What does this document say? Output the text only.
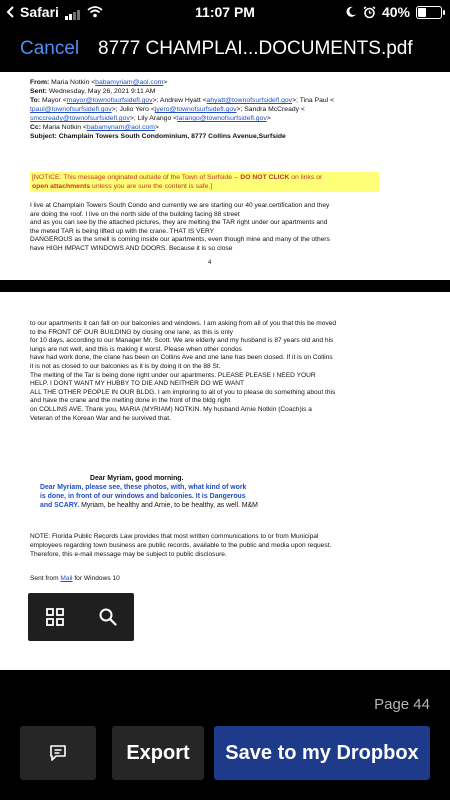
Safari	11:07 PM	40%
Cancel 8777 CHAMPLAI...DOCUMENTS.pdf
From: Maria Notkin <babamyriam@aol.com>
Sent: Wednesday, May 26, 2021 9:11 AM
To: Mayor <mayor@townofsurfsidefl.gov>; Andrew Hyatt <ahyatt@townofsurfsidefl.gov>; Tina Paul <
tpaul@townofsurfsidefl.gov>; Julio Yero <jyero@townofsurfsidefl.gov>; Sandra McCready <
smccready@townofsurfsidefl.gov>; Lily Arango <larango@townofsurfsidefl.gov>
Cc: Maria Notkin <babamyriam@aol.com>
Subject: Champlain Towers South Condominium, 8777 Collins Avenue,Surfside
[NOTICE: This message originated outside of the Town of Surfside -- DO NOT CLICK on links or
open attachments unless you are sure the content is safe.]
I live at Champlain Towers South Condo and currently we are starting our 40 year.certification and they
are doing the roof. I live on the north side of the building facing 88 street
and as you can see by the attached pictures, they are melting the TAR right under our apartments and
the meted TAR is being lifted up with the crane. THAT IS VERY
DANGEROUS as the smell is coming inside our apartments, even though mine and many of the others
have HIGH IMPACT WINDOWS AND DOORS. Because it is so close
4
to our apartments it can fall on our balconies and windows. I am asking from all of you that this be moved
to the FRONT OF OUR BUILDING by closing one lane, as this is only
for 10 days, according to our Manager Mr. Scott. We are elderly and my husband is 87 years old and his
lungs are not well, and this is making it worst. Please when other condos
have had work done, the crane has been on Collins Ave and one lane has been closed. If it is on Collins
it is not as closed to our balconies as it is by doing it on the 88 St.
The melting of the Tar is being done right under our apartments. PLEASE PLEASE I NEED YOUR
HELP. I DONT WANT MY HUBBY TO DIE AND NEITHER DO WE WANT
ALL THE OTHER PEOPLE IN OUR BLDG. I am imploring to all of you to please do something about this
and have the crane and the melting done in the front of the bldg right
on COLLINS AVE. Thank you, MARIA (MYRIAM) NOTKIN. My husband Arnie Notkin (Coach)is a
Veteran of the Korean War and he survived that.
Dear Myriam, good morning.
Dear Myriam, please see, these photos, with, what kind of work
is done, in front of our windows and balconies. It is Dangerous
and SCARY. Myriam, be healthy and Arnie, to be healthy, as well. M&M
NOTE: Florida Public Records Law provides that most written communications to or from Municipal
employees regarding town business are public records, available to the public and media upon request.
Therefore, this e-mail message may be subject to public disclosure.
Sent from Mail for Windows 10
Page 44
Export	Save to my Dropbox
